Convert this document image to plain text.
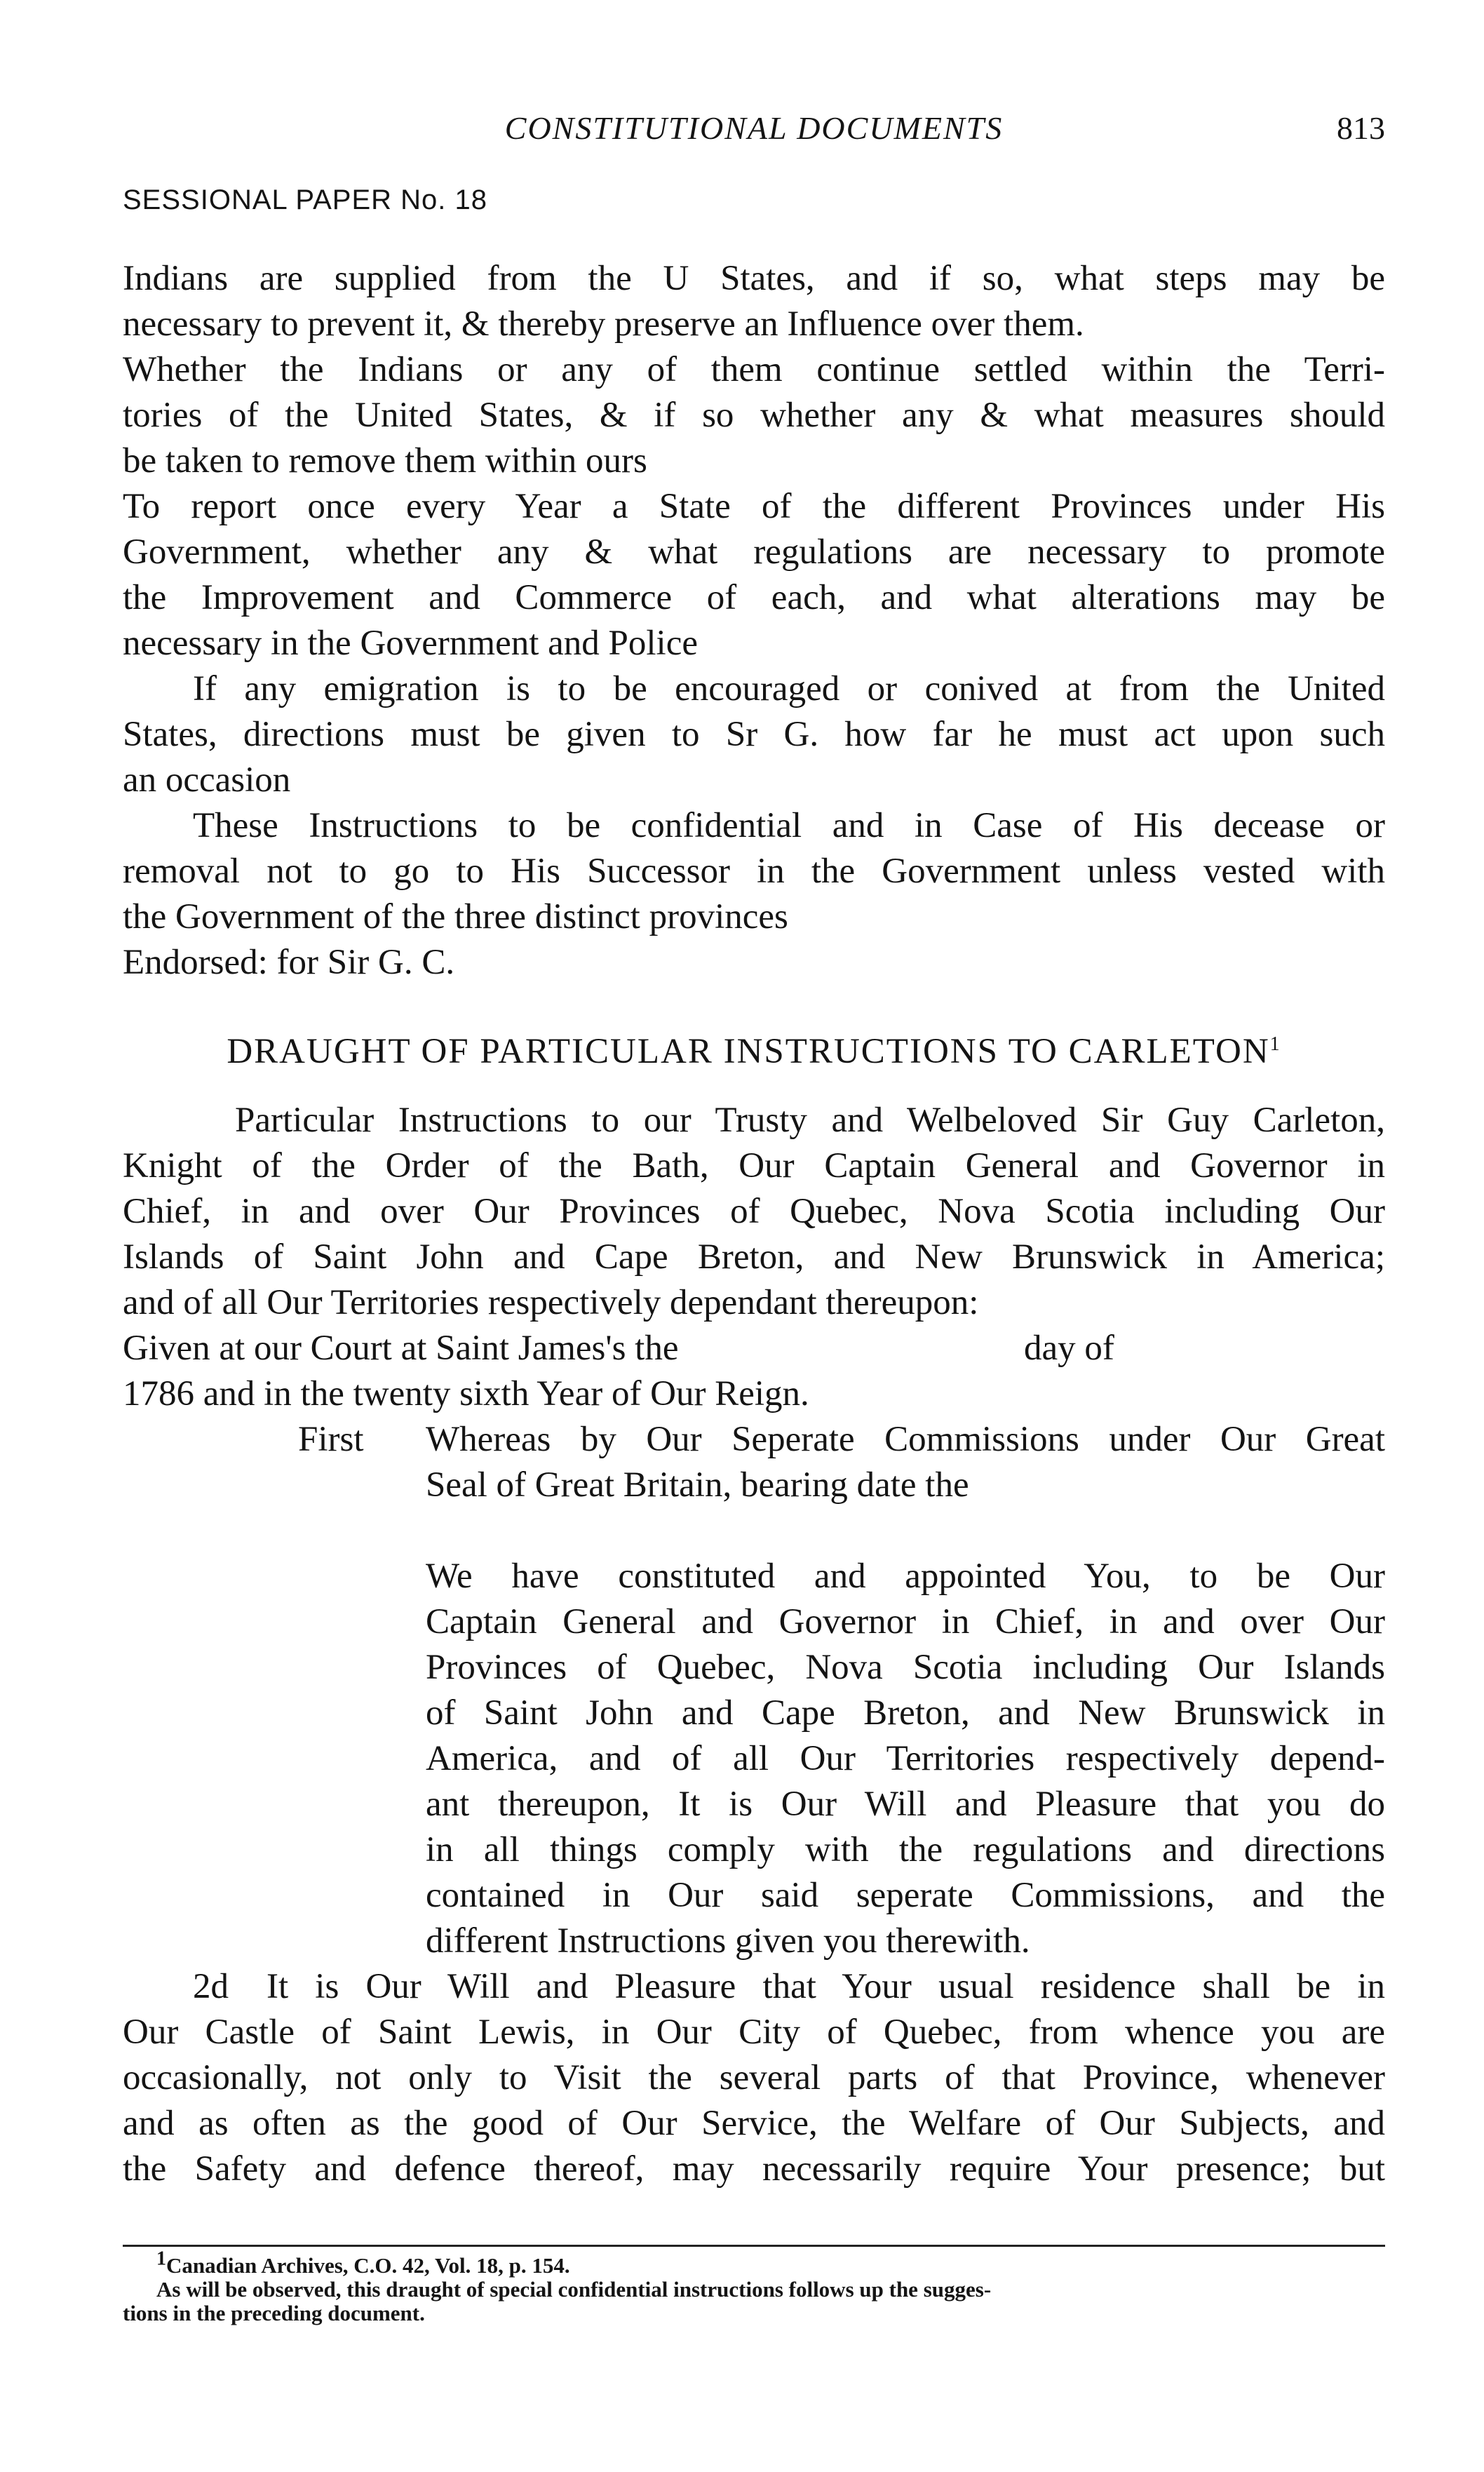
CONSTITUTIONAL DOCUMENTS	813
SESSIONAL PAPER No. 18
Indians are supplied from the U States, and if so, what steps may be
necessary to prevent it, & thereby preserve an Influence over them.
Whether the Indians or any of them continue settled within the Terri-
tories of the United States, & if so whether any & what measures should
be taken to remove them within ours
To report once every Year a State of the different Provinces under His
Government, whether any & what regulations are necessary to promote
the Improvement and Commerce of each, and what alterations may be
necessary in the Government and Police
If any emigration is to be encouraged or conived at from the United
States, directions must be given to Sr G. how far he must act upon such
an occasion
These Instructions to be confidential and in Case of His decease or
removal not to go to His Successor in the Government unless vested with
the Government of the three distinct provinces
Endorsed: for Sir G. C.
DRAUGHT OF PARTICULAR INSTRUCTIONS TO CARLETON$^1$
Particular Instructions to our Trusty and Welbeloved Sir Guy Carleton,
Knight of the Order of the Bath, Our Captain General and Governor in
Chief, in and over Our Provinces of Quebec, Nova Scotia including Our
Islands of Saint John and Cape Breton, and New Brunswick in America;
and of all Our Territories respectively dependant thereupon:
Given at our Court at Saint James's the	day of
1786 and in the twenty sixth Year of Our Reign.
First Whereas by Our Seperate Commissions under Our Great
Seal of Great Britain, bearing date the
We have constituted and appointed You, to be Our
Captain General and Governor in Chief, in and over Our
Provinces of Quebec, Nova Scotia including Our Islands
of Saint John and Cape Breton, and New Brunswick in
America, and of all Our Territories respectively depend-
ant thereupon, It is Our Will and Pleasure that you do
in all things comply with the regulations and directions
contained in Our said seperate Commissions, and the
different Instructions given you therewith.
2d It is Our Will and Pleasure that Your usual residence shall be in
Our Castle of Saint Lewis, in Our City of Quebec, from whence you are
occasionally, not only to Visit the several parts of that Province, whenever
and as often as the good of Our Service, the Welfare of Our Subjects, and
the Safety and defence thereof, may necessarily require Your presence; but
$^1$Canadian Archives, C.O. 42, Vol. 18, p. 154.
As will be observed, this draught of special confidential instructions follows up the sugges-
tions in the preceding document.
